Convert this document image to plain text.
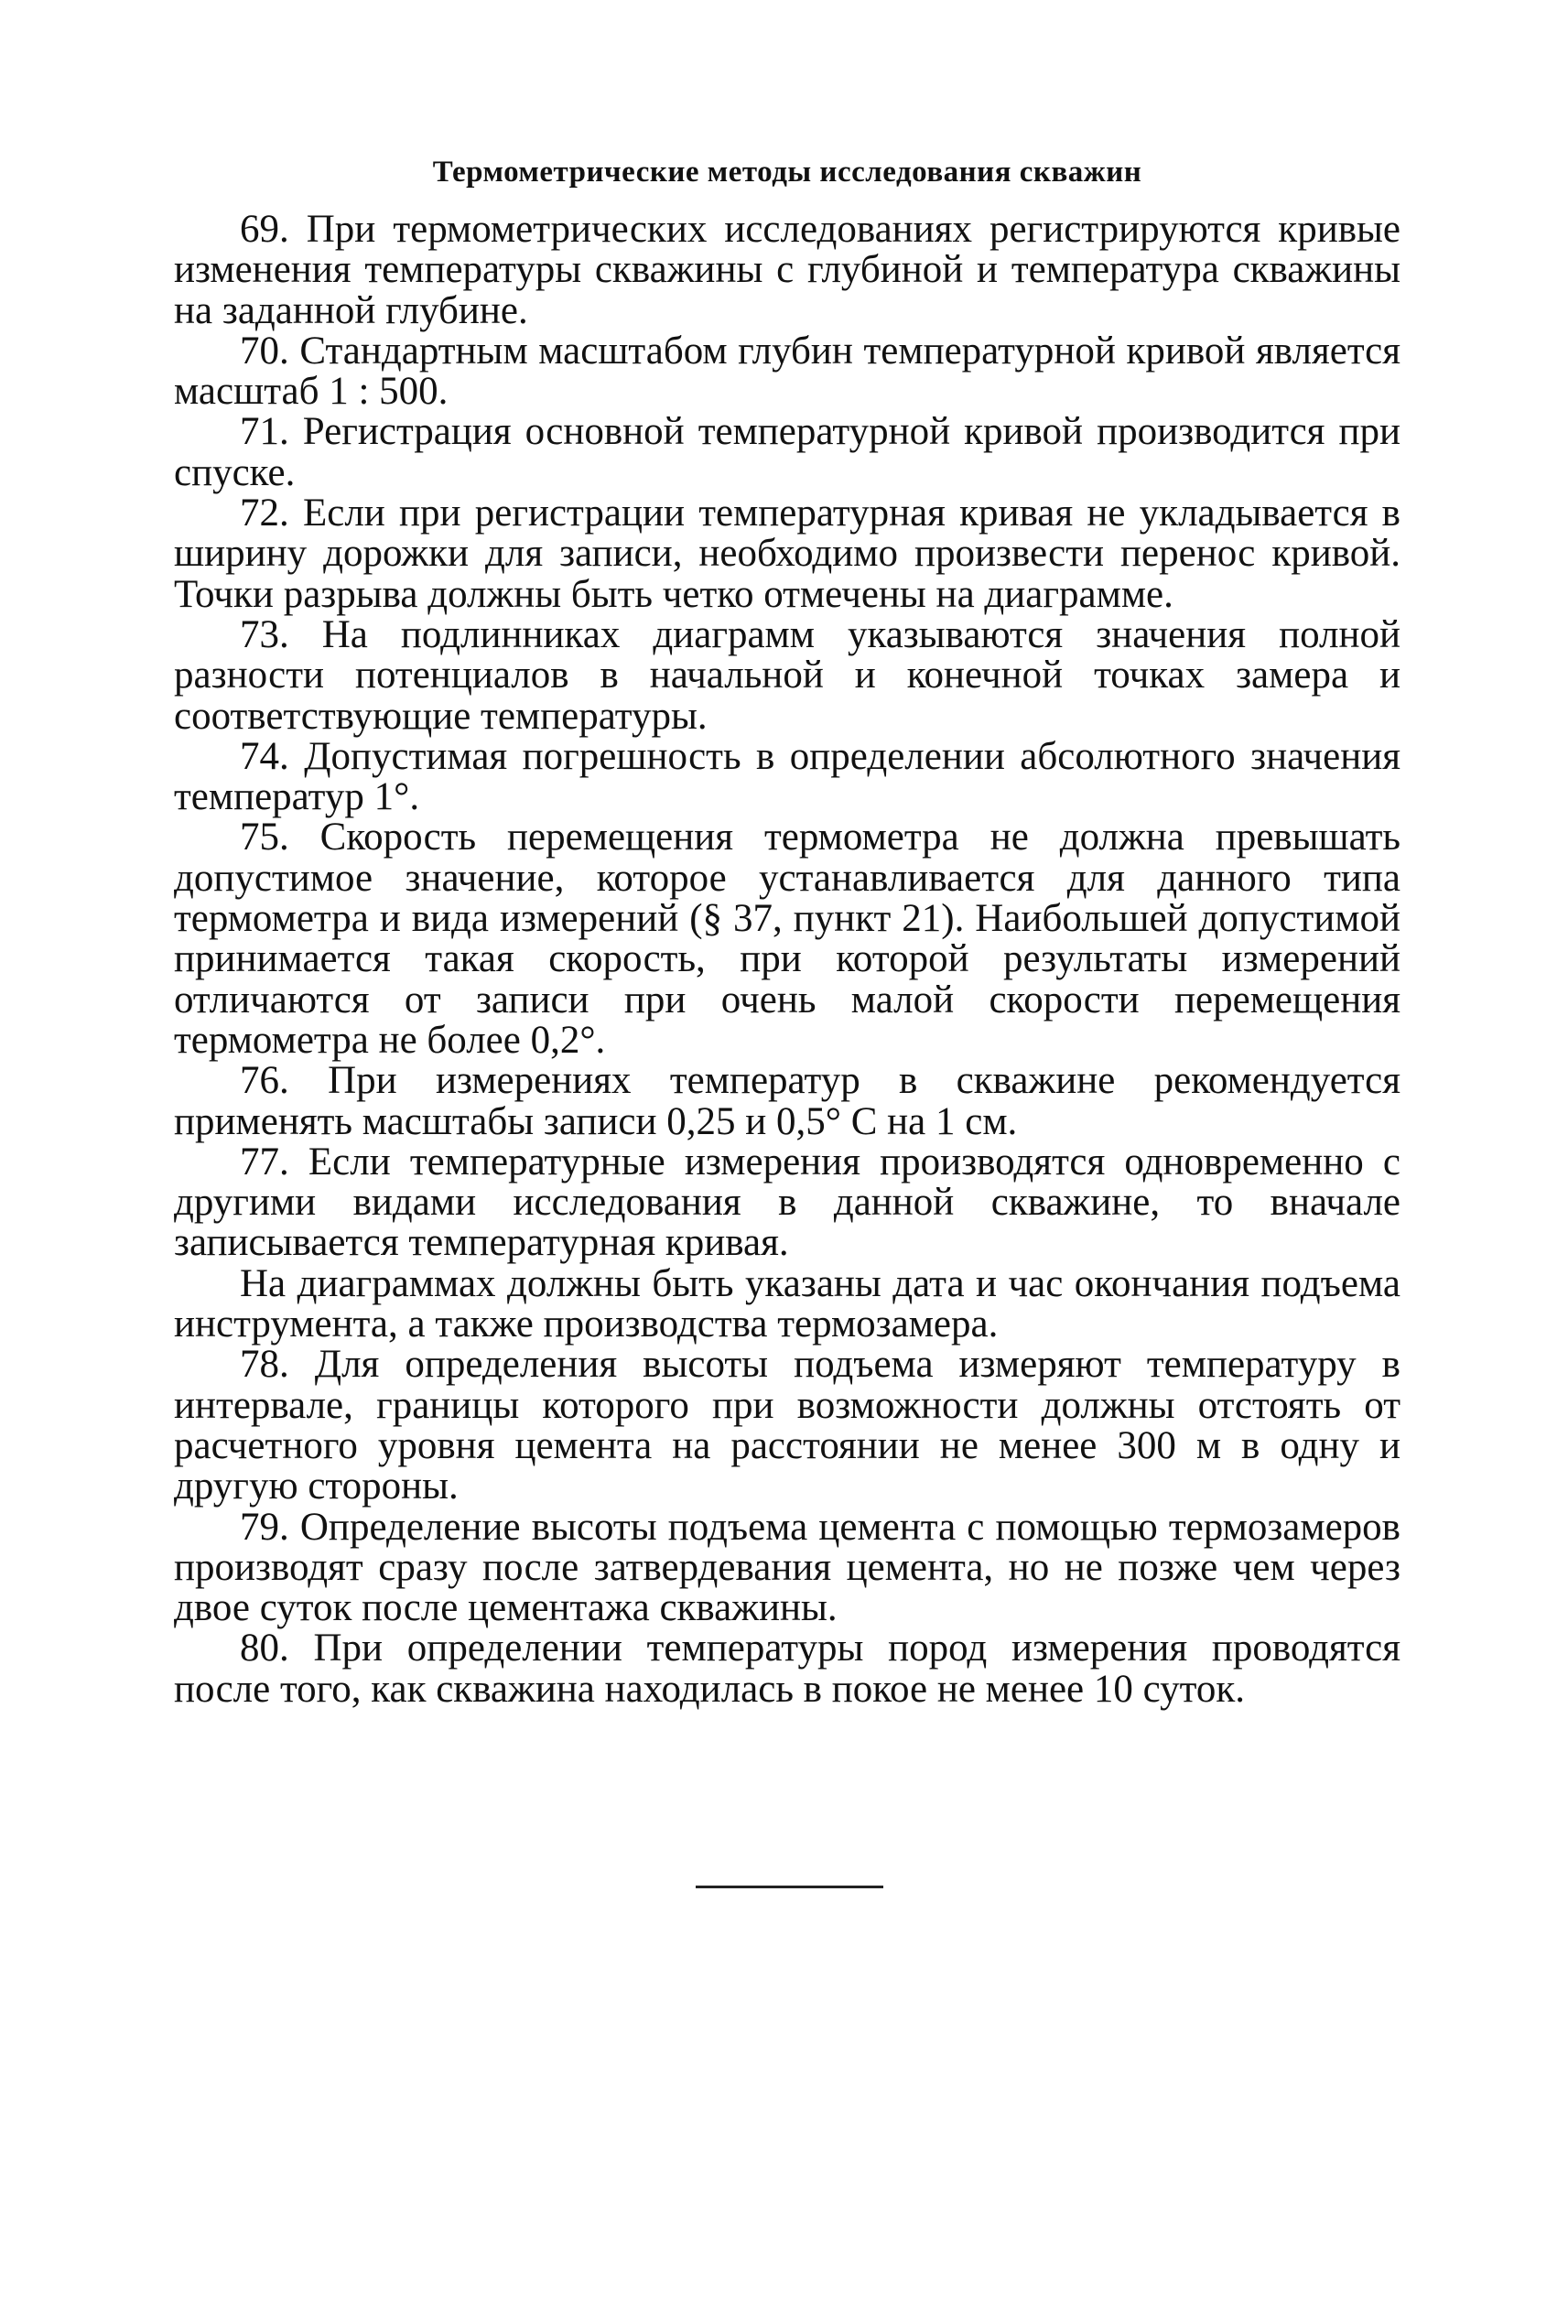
Термометрические методы исследования скважин

69. При термометрических исследованиях регистрируются кривые изменения температуры скважины с глубиной и температура скважины на заданной глубине.

70. Стандартным масштабом глубин температурной кривой является масштаб 1 : 500.

71. Регистрация основной температурной кривой производится при спуске.

72. Если при регистрации температурная кривая не укладывается в ширину дорожки для записи, необходимо произвести перенос кривой. Точки разрыва должны быть четко отмечены на диаграмме.

73. На подлинниках диаграмм указываются значения полной разности потенциалов в начальной и конечной точках замера и соответствующие температуры.

74. Допустимая погрешность в определении абсолютного значения температур 1°.

75. Скорость перемещения термометра не должна превышать допустимое значение, которое устанавливается для данного типа термометра и вида измерений (§ 37, пункт 21). Наибольшей допустимой принимается такая скорость, при которой результаты измерений отличаются от записи при очень малой скорости перемещения термометра не более 0,2°.

76. При измерениях температур в скважине рекомендуется применять масштабы записи 0,25 и 0,5° С на 1 см.

77. Если температурные измерения производятся одновременно с другими видами исследования в данной скважине, то вначале записывается температурная кривая.

На диаграммах должны быть указаны дата и час окончания подъема инструмента, а также производства термозамера.

78. Для определения высоты подъема измеряют температуру в интервале, границы которого при возможности должны отстоять от расчетного уровня цемента на расстоянии не менее 300 м в одну и другую стороны.

79. Определение высоты подъема цемента с помощью термозамеров производят сразу после затвердевания цемента, но не позже чем через двое суток после цементажа скважины.

80. При определении температуры пород измерения проводятся после того, как скважина находилась в покое не менее 10 суток.
